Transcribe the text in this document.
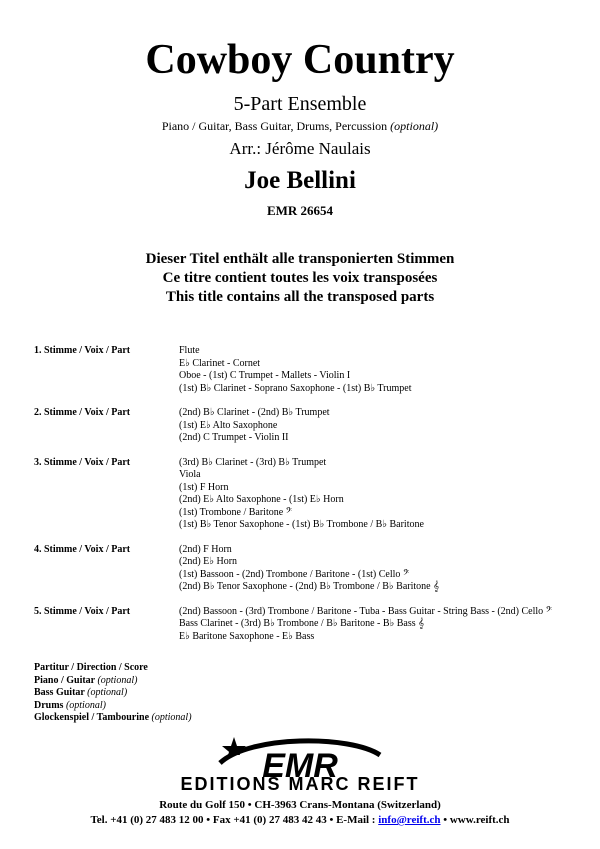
Cowboy Country
5-Part Ensemble
Piano / Guitar, Bass Guitar, Drums, Percussion (optional)
Arr.: Jérôme Naulais
Joe Bellini
EMR 26654
Dieser Titel enthält alle transponierten Stimmen
Ce titre contient toutes les voix transposées
This title contains all the transposed parts
1. Stimme / Voix / Part	Flute
E♭ Clarinet - Cornet
Oboe - (1st) C Trumpet - Mallets - Violin I
(1st) B♭ Clarinet - Soprano Saxophone - (1st) B♭ Trumpet
2. Stimme / Voix / Part	(2nd) B♭ Clarinet - (2nd) B♭ Trumpet
(1st) E♭ Alto Saxophone
(2nd) C Trumpet - Violin II
3. Stimme / Voix / Part	(3rd) B♭ Clarinet - (3rd) B♭ Trumpet
Viola
(1st) F Horn
(2nd) E♭ Alto Saxophone - (1st) E♭ Horn
(1st) Trombone / Baritone 𝄢
(1st) B♭ Tenor Saxophone - (1st) B♭ Trombone / B♭ Baritone
4. Stimme / Voix / Part	(2nd) F Horn
(2nd) E♭ Horn
(1st) Bassoon - (2nd) Trombone / Baritone - (1st) Cello 𝄢
(2nd) B♭ Tenor Saxophone - (2nd) B♭ Trombone / B♭ Baritone 𝄞
5. Stimme / Voix / Part	(2nd) Bassoon - (3rd) Trombone / Baritone - Tuba - Bass Guitar - String Bass - (2nd) Cello 𝄢
Bass Clarinet - (3rd) B♭ Trombone / B♭ Baritone - B♭ Bass 𝄞
E♭ Baritone Saxophone - E♭ Bass
Partitur / Direction / Score
Piano / Guitar (optional)
Bass Guitar (optional)
Drums (optional)
Glockenspiel / Tambourine (optional)
EMR
EDITIONS MARC REIFT
Route du Golf 150 • CH-3963 Crans-Montana (Switzerland)
Tel. +41 (0) 27 483 12 00 • Fax +41 (0) 27 483 42 43 • E-Mail : info@reift.ch • www.reift.ch
